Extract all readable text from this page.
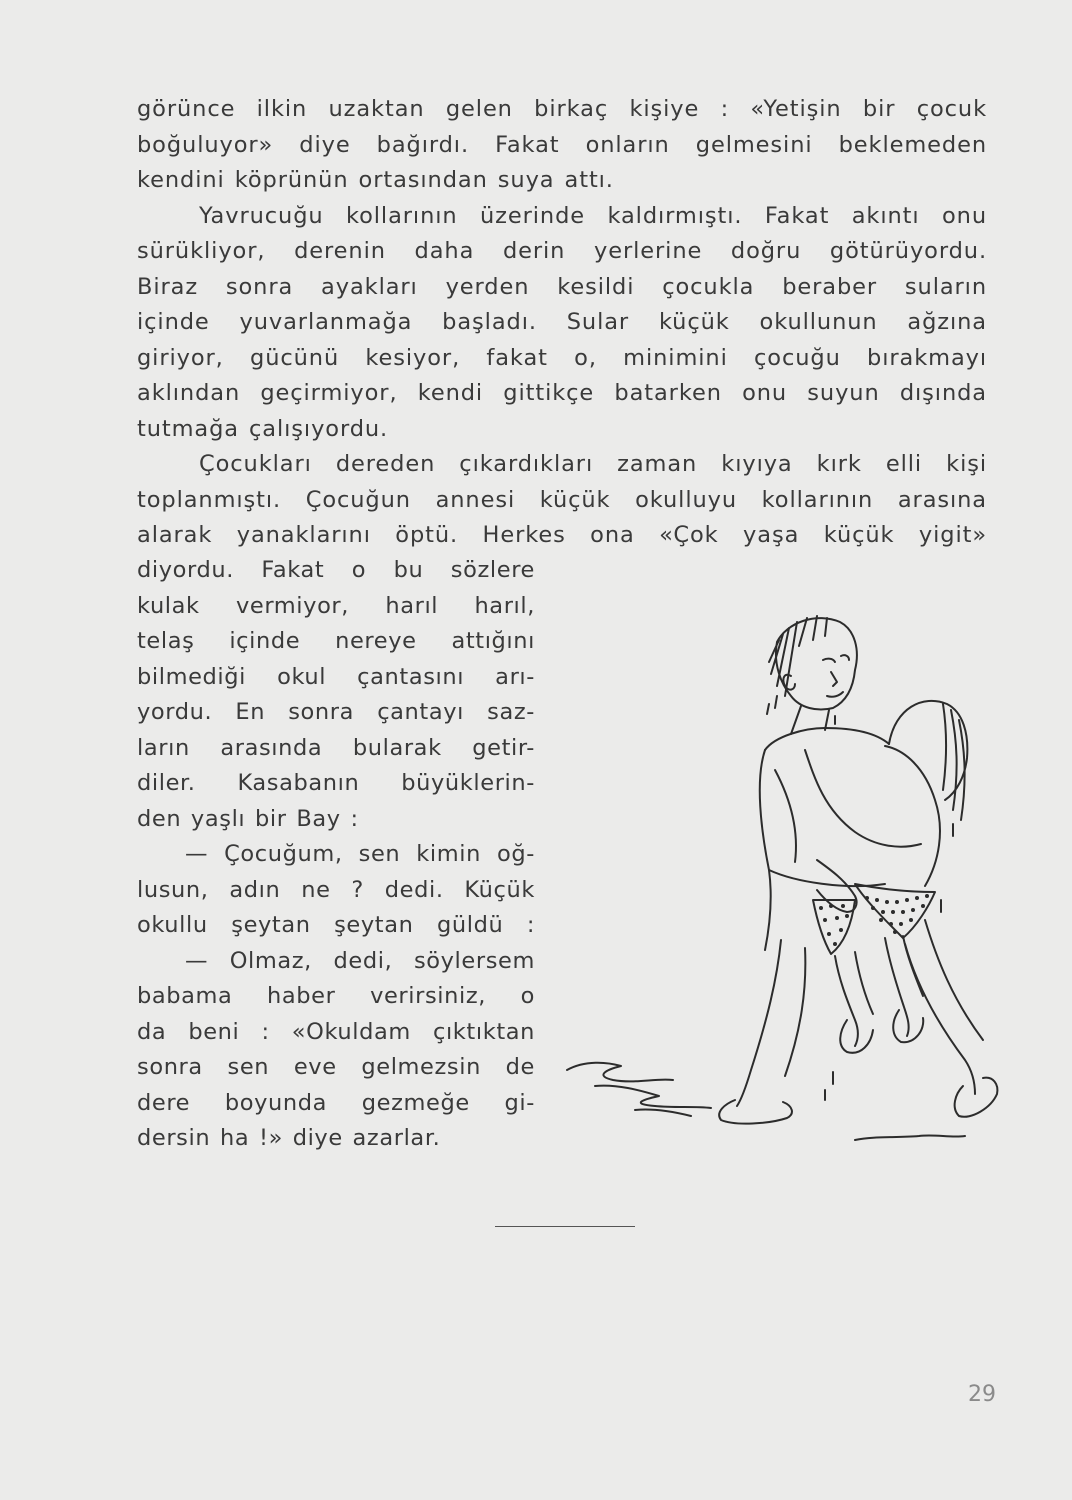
görünce ilkin uzaktan gelen birkaç kişiye : «Yetişin bir çocuk
boğuluyor» diye bağırdı. Fakat onların gelmesini beklemeden
kendini köprünün ortasından suya attı.
Yavrucuğu kollarının üzerinde kaldırmıştı. Fakat akıntı onu
sürükliyor, derenin daha derin yerlerine doğru götürüyordu.
Biraz sonra ayakları yerden kesildi çocukla beraber suların
içinde yuvarlanmağa başladı. Sular küçük okullunun ağzına
giriyor, gücünü kesiyor, fakat o, minimini çocuğu bırakmayı
aklından geçirmiyor, kendi gittikçe batarken onu suyun dışında
tutmağa çalışıyordu.
Çocukları dereden çıkardıkları zaman kıyıya kırk elli kişi
toplanmıştı. Çocuğun annesi küçük okulluyu kollarının arasına
alarak yanaklarını öptü. Herkes ona «Çok yaşa küçük yigit»
diyordu. Fakat o bu sözlere
kulak vermiyor, harıl harıl,
telaş içinde nereye attığını
bilmediği okul çantasını arı-
yordu. En sonra çantayı saz-
ların arasında bularak getir-
diler. Kasabanın büyüklerin-
den yaşlı bir Bay :
— Çocuğum, sen kimin oğ-
lusun, adın ne ? dedi. Küçük
okullu şeytan şeytan güldü :
— Olmaz, dedi, söylersem
babama haber verirsiniz, o
da beni : «Okuldam çıktıktan
sonra sen eve gelmezsin de
dere boyunda gezmeğe gi-
dersin ha !» diye azarlar.
29
